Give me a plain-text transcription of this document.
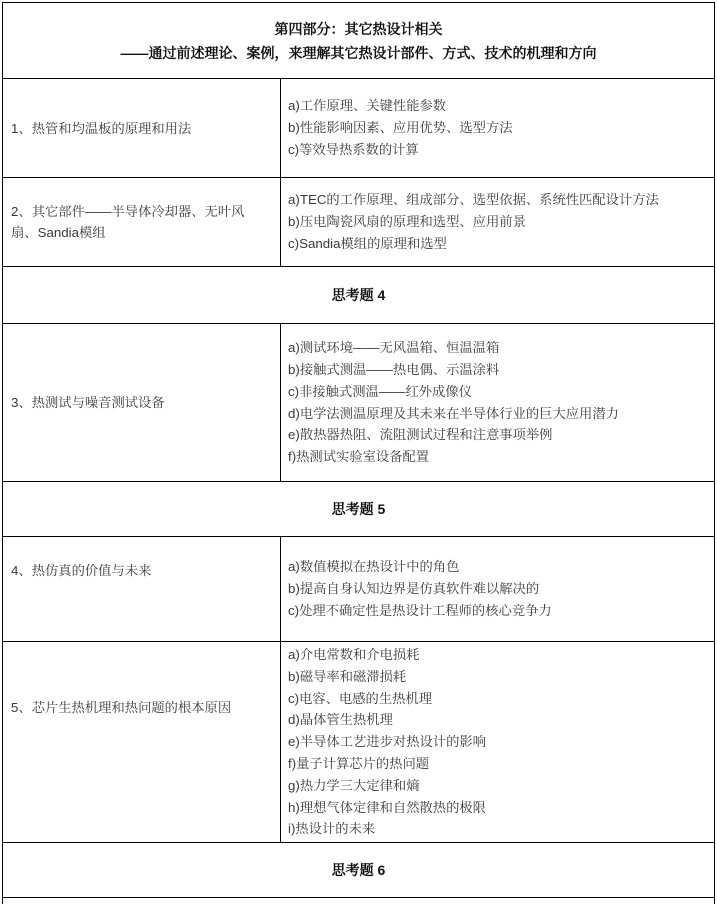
第四部分：其它热设计相关
——通过前述理论、案例，来理解其它热设计部件、方式、技术的机理和方向
1、热管和均温板的原理和用法
a)工作原理、关键性能参数
b)性能影响因素、应用优势、选型方法
c)等效导热系数的计算
2、其它部件——半导体冷却器、无叶风扇、Sandia模组
a)TEC的工作原理、组成部分、选型依据、系统性匹配设计方法
b)压电陶瓷风扇的原理和选型、应用前景
c)Sandia模组的原理和选型
思考题 4
3、热测试与噪音测试设备
a)测试环境——无风温箱、恒温温箱
b)接触式测温——热电偶、示温涂料
c)非接触式测温——红外成像仪
d)电学法测温原理及其未来在半导体行业的巨大应用潜力
e)散热器热阻、流阻测试过程和注意事项举例
f)热测试实验室设备配置
思考题 5
4、热仿真的价值与未来	a)数值模拟在热设计中的角色
b)提高自身认知边界是仿真软件难以解决的
c)处理不确定性是热设计工程师的核心竞争力
5、芯片生热机理和热问题的根本原因
a)介电常数和介电损耗
b)磁导率和磁滞损耗
c)电容、电感的生热机理
d)晶体管生热机理
e)半导体工艺进步对热设计的影响
f)量子计算芯片的热问题
g)热力学三大定律和熵
h)理想气体定律和自然散热的极限
i)热设计的未来
思考题 6
